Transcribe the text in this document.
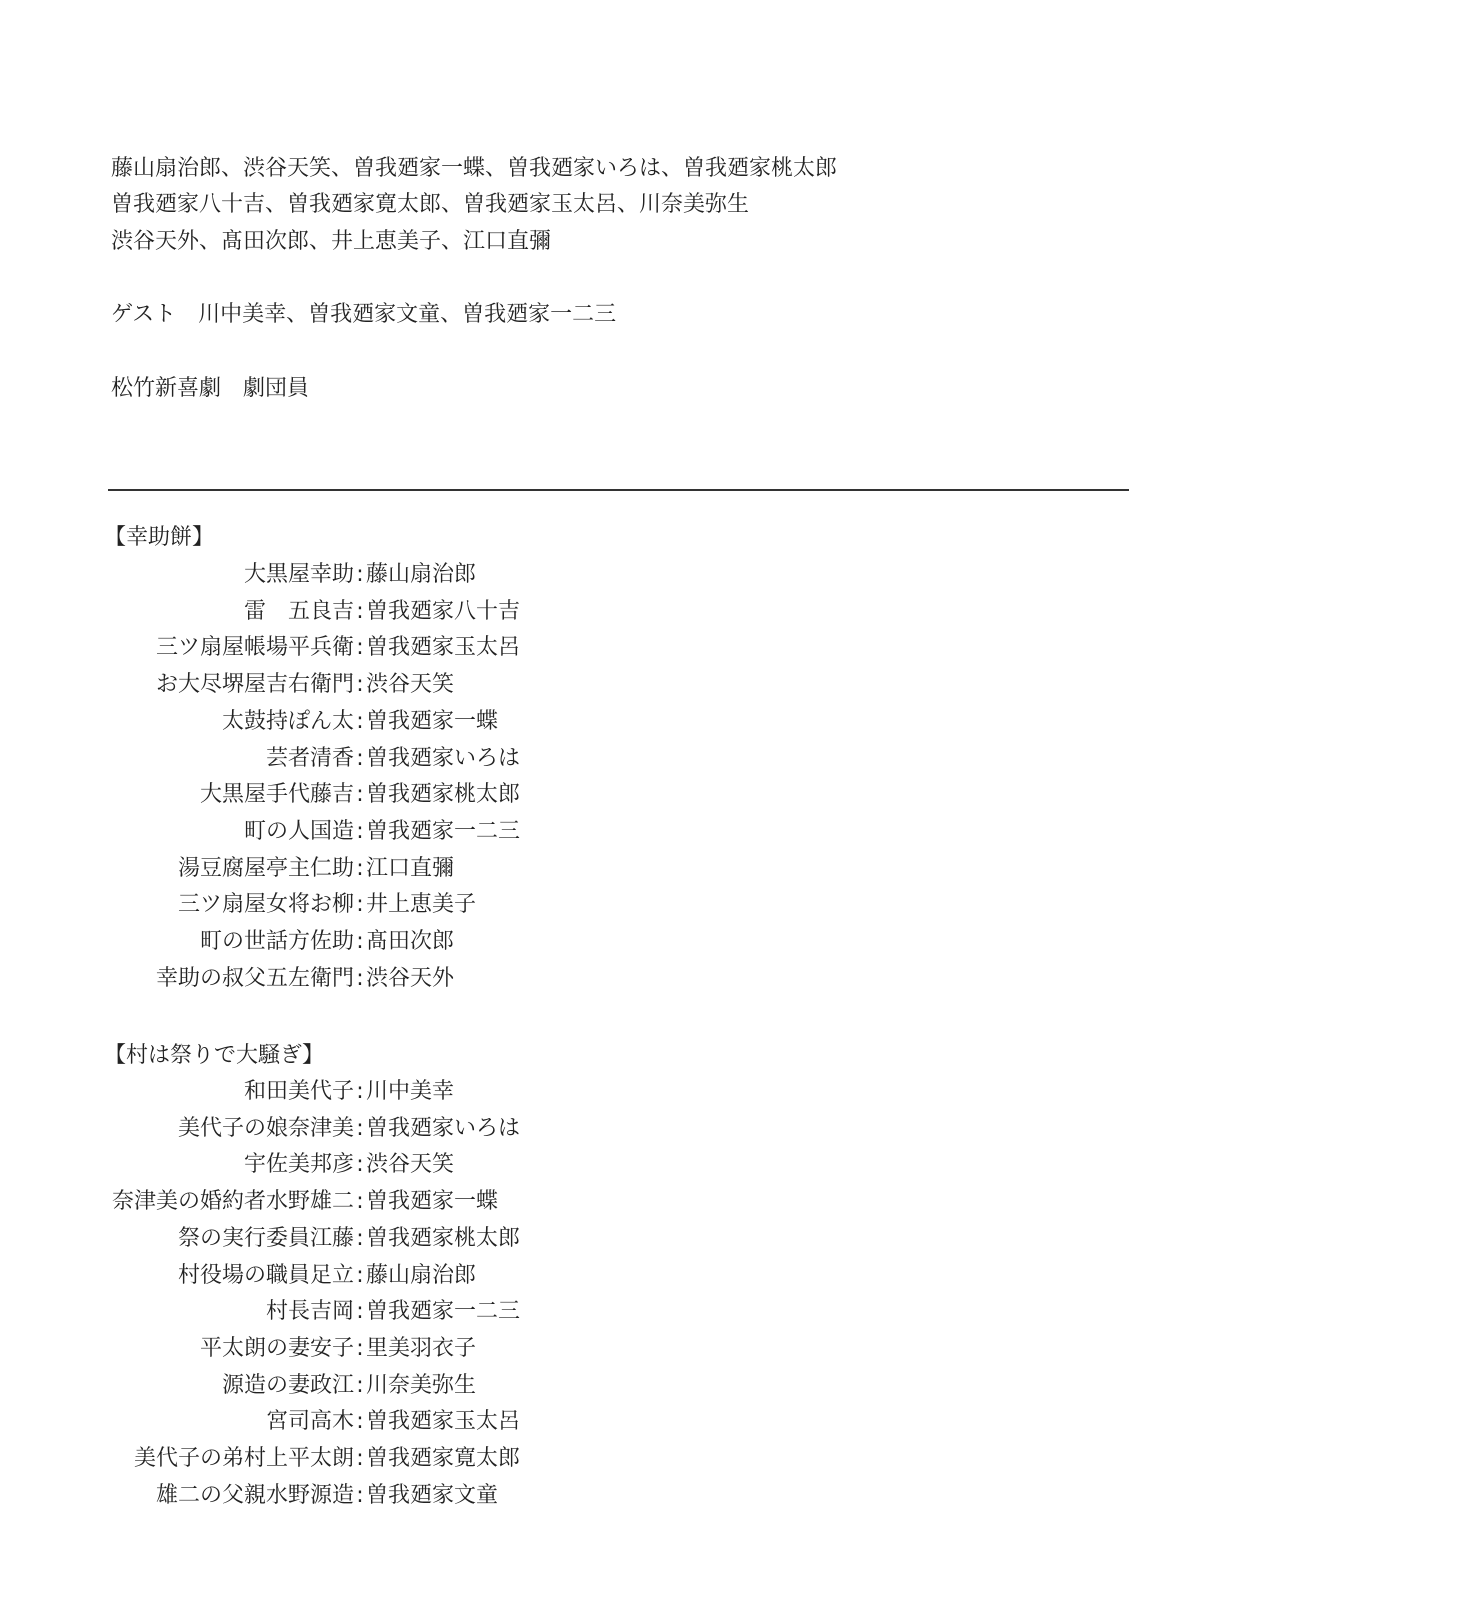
藤山扇治郎、渋谷天笑、曽我廼家一蝶、曽我廼家いろは、曽我廼家桃太郎
曽我廼家八十吉、曽我廼家寛太郎、曽我廼家玉太呂、川奈美弥生
渋谷天外、髙田次郎、井上恵美子、江口直彌
ゲスト　川中美幸、曽我廼家文童、曽我廼家一二三
松竹新喜劇　劇団員
【幸助餅】
大黒屋幸助 : 藤山扇治郎
雷　五良吉 : 曽我廼家八十吉
三ツ扇屋帳場平兵衛 : 曽我廼家玉太呂
お大尽堺屋吉右衛門 : 渋谷天笑
太鼓持ぽん太 : 曽我廼家一蝶
芸者清香 : 曽我廼家いろは
大黒屋手代藤吉 : 曽我廼家桃太郎
町の人国造 : 曽我廼家一二三
湯豆腐屋亭主仁助 : 江口直彌
三ツ扇屋女将お柳 : 井上恵美子
町の世話方佐助 : 髙田次郎
幸助の叔父五左衛門 : 渋谷天外
【村は祭りで大騒ぎ】
和田美代子 : 川中美幸
美代子の娘奈津美 : 曽我廼家いろは
宇佐美邦彦 : 渋谷天笑
奈津美の婚約者水野雄二 : 曽我廼家一蝶
祭の実行委員江藤 : 曽我廼家桃太郎
村役場の職員足立 : 藤山扇治郎
村長吉岡 : 曽我廼家一二三
平太朗の妻安子 : 里美羽衣子
源造の妻政江 : 川奈美弥生
宮司高木 : 曽我廼家玉太呂
美代子の弟村上平太朗 : 曽我廼家寛太郎
雄二の父親水野源造 : 曽我廼家文童
